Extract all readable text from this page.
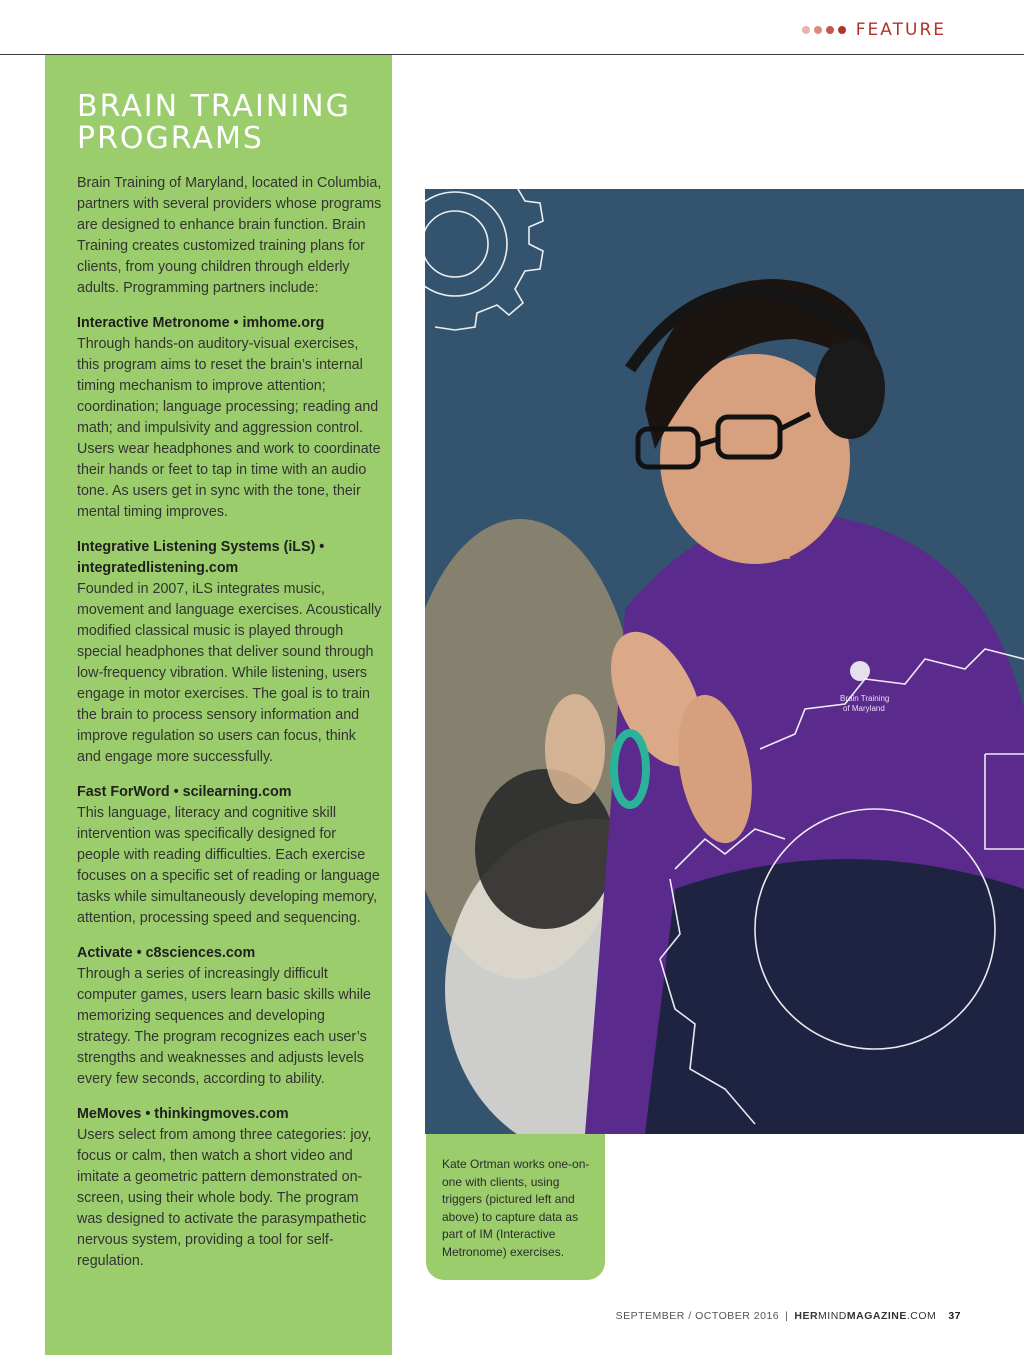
FEATURE
BRAIN TRAINING
PROGRAMS

Brain Training of Maryland, located in Columbia, partners with several providers whose programs are designed to enhance brain function. Brain Training creates customized training plans for clients, from young children through elderly adults. Programming partners include:

Interactive Metronome • imhome.org

Through hands-on auditory-visual exercises, this program aims to reset the brain’s internal timing mechanism to improve attention; coordination; language processing; reading and math; and impulsivity and aggression control. Users wear headphones and work to coordinate their hands or feet to tap in time with an audio tone. As users get in sync with the tone, their mental timing improves.

Integrative Listening Systems (iLS) • integratedlistening.com

Founded in 2007, iLS integrates music, movement and language exercises. Acoustically modified classical music is played through special headphones that deliver sound through low-frequency vibration. While listening, users engage in motor exercises. The goal is to train the brain to process sensory information and improve regulation so users can focus, think and engage more successfully.

Fast ForWord • scilearning.com

This language, literacy and cognitive skill intervention was specifically designed for people with reading difficulties. Each exercise focuses on a specific set of reading or language tasks while simultaneously developing memory, attention, processing speed and sequencing.

Activate • c8sciences.com

Through a series of increasingly difficult computer games, users learn basic skills while memorizing sequences and developing strategy. The program recognizes each user’s strengths and weaknesses and adjusts levels every few seconds, according to ability.

MeMoves • thinkingmoves.com

Users select from among three categories: joy, focus or calm, then watch a short video and imitate a geometric pattern demonstrated on-screen, using their whole body. The program was designed to activate the parasympathetic nervous system, providing a tool for self-regulation.

Brain Training
of Maryland

Kate Ortman works one-on-one with clients, using triggers (pictured left and above) to capture data as part of IM (Interactive Metronome) exercises.

SEPTEMBER / OCTOBER 2016 | HERMINDMAGAZINE.COM 37
